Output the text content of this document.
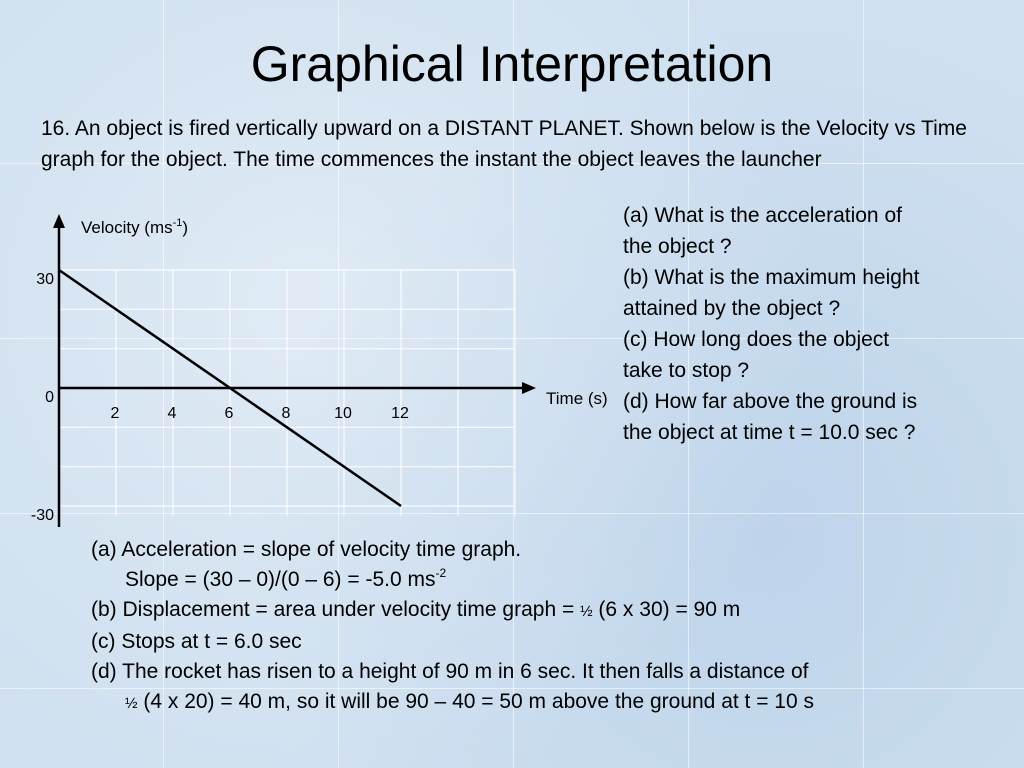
Graphical Interpretation
16. An object is fired vertically upward on a DISTANT PLANET. Shown below is the Velocity vs Time graph for the object. The time commences the instant the object leaves the launcher
(a) What is the acceleration of
the object ?
(b) What is the maximum height
attained by the object ?
(c) How long does the object
take to stop ?
(d) How far above the ground is
the object at time t = 10.0 sec ?
Velocity $(ms^{-1})$
Time (s)
2	4	6	8	10 12
30
0
-30
(a) Acceleration = slope of velocity time graph.
Slope = (30 – 0)/(0 – 6) = -5.0 $ms^{-2}$
(b) Displacement = area under velocity time graph = ½ (6 x 30) = 90 m
(c) Stops at t = 6.0 sec
(d) The rocket has risen to a height of 90 m in 6 sec. It then falls a distance of
½ (4 x 20) = 40 m, so it will be 90 – 40 = 50 m above the ground at t = 10 s
